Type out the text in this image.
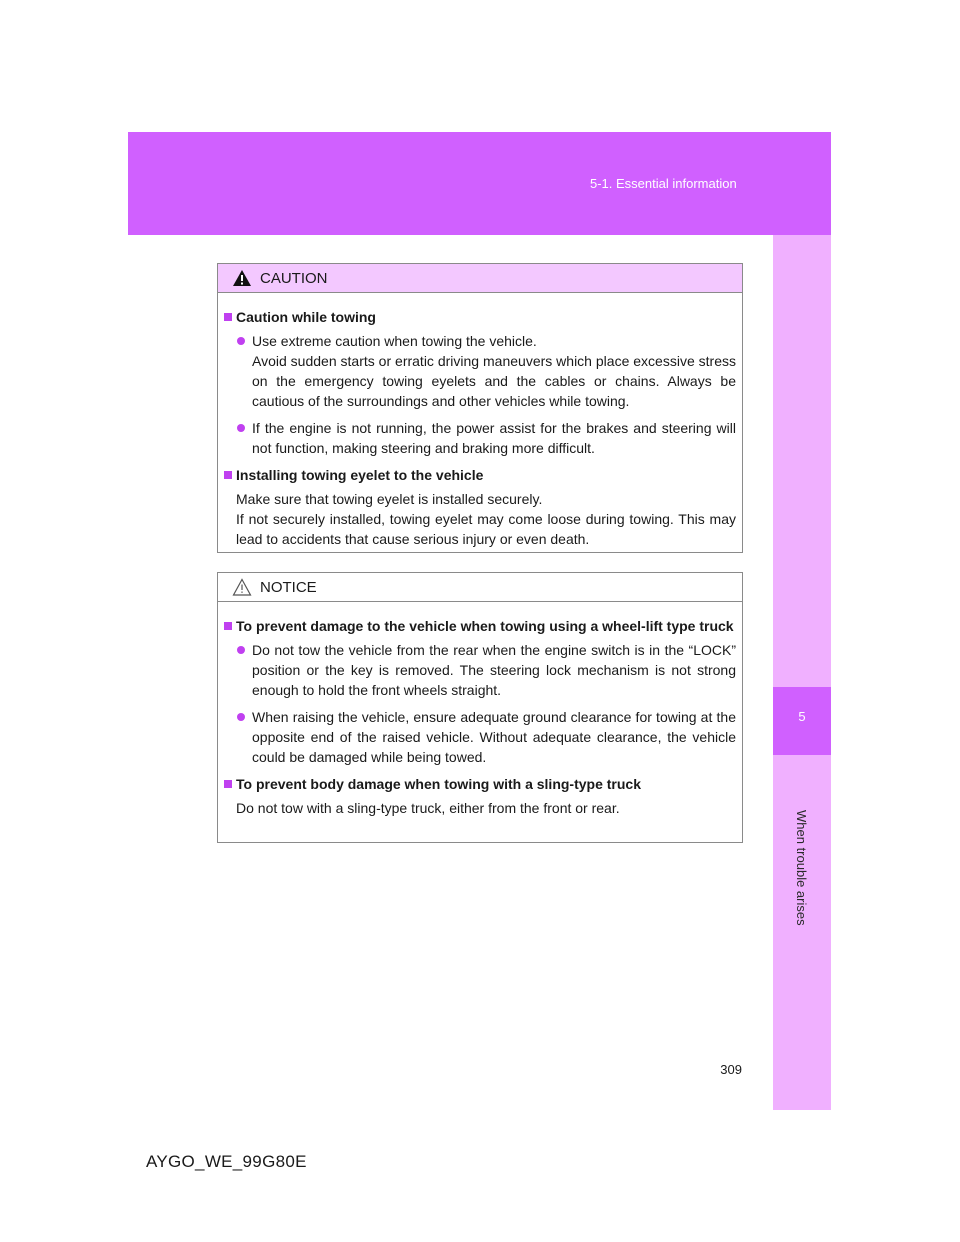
5-1. Essential information
5
When trouble arises
CAUTION
Caution while towing
Use extreme caution when towing the vehicle.
Avoid sudden starts or erratic driving maneuvers which place excessive stress on the emergency towing eyelets and the cables or chains. Always be cautious of the surroundings and other vehicles while towing.
If the engine is not running, the power assist for the brakes and steering will not function, making steering and braking more difficult.
Installing towing eyelet to the vehicle
Make sure that towing eyelet is installed securely.
If not securely installed, towing eyelet may come loose during towing. This may lead to accidents that cause serious injury or even death.
NOTICE
To prevent damage to the vehicle when towing using a wheel-lift type truck
Do not tow the vehicle from the rear when the engine switch is in the “LOCK” position or the key is removed. The steering lock mechanism is not strong enough to hold the front wheels straight.
When raising the vehicle, ensure adequate ground clearance for towing at the opposite end of the raised vehicle. Without adequate clearance, the vehicle could be damaged while being towed.
To prevent body damage when towing with a sling-type truck
Do not tow with a sling-type truck, either from the front or rear.
309
AYGO_WE_99G80E
